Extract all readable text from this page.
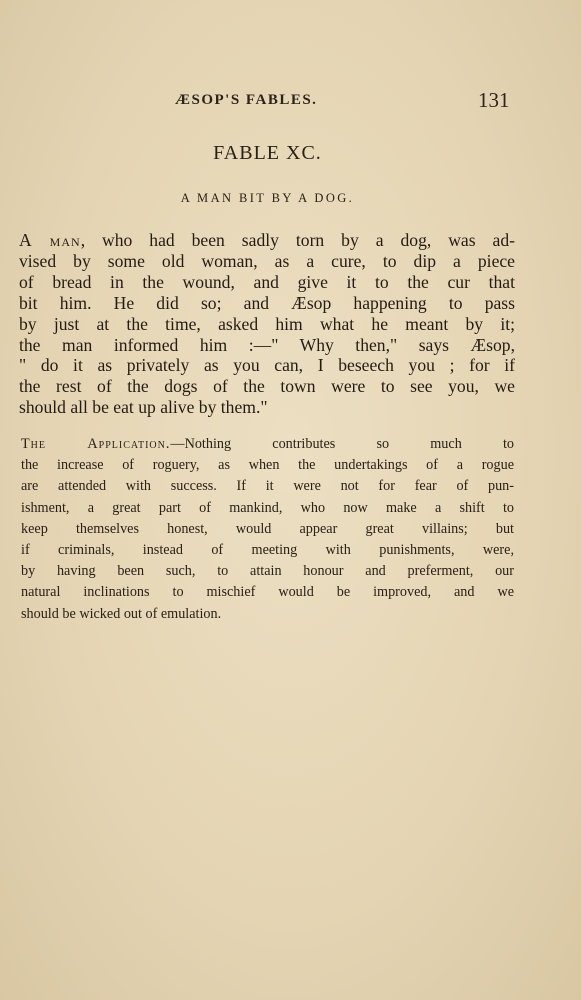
ÆSOP'S FABLES.	131
FABLE XC.
A MAN BIT BY A DOG.
A man, who had been sadly torn by a dog, was ad-
vised by some old woman, as a cure, to dip a piece
of bread in the wound, and give it to the cur that
bit him. He did so; and Æsop happening to pass
by just at the time, asked him what he meant by it;
the man informed him :—" Why then," says Æsop,
" do it as privately as you can, I beseech you ; for if
the rest of the dogs of the town were to see you, we
should all be eat up alive by them."
The Application.—Nothing contributes so much to
the increase of roguery, as when the undertakings of a rogue
are attended with success. If it were not for fear of pun-
ishment, a great part of mankind, who now make a shift to
keep themselves honest, would appear great villains; but
if criminals, instead of meeting with punishments, were,
by having been such, to attain honour and preferment, our
natural inclinations to mischief would be improved, and we
should be wicked out of emulation.
